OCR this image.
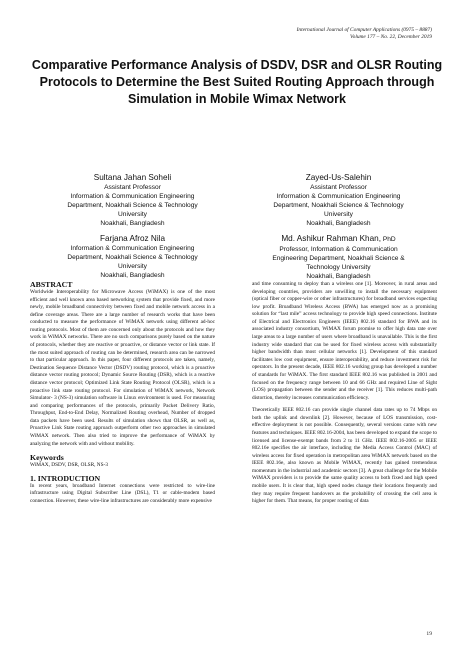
International Journal of Computer Applications (0975 – 8887)
Volume 177 – No. 22, December 2019
Comparative Performance Analysis of DSDV, DSR and OLSR Routing Protocols to Determine the Best Suited Routing Approach through Simulation in Mobile Wimax Network
Sultana Jahan Soheli
Assistant Professor
Information & Communication Engineering
Department, Noakhali Science & Technology
University
Noakhali, Bangladesh
Zayed-Us-Salehin
Assistant Professor
Information & Communication Engineering
Department, Noakhali Science & Technology
University
Noakhali, Bangladesh
Farjana Afroz Nila
Information & Communication Engineering
Department, Noakhali Science & Technology
University
Noakhali, Bangladesh
Md. Ashikur Rahman Khan, PhD
Professor, Information & Communication
Engineering Department, Noakhali Science &
Technology University
Noakhali, Bangladesh
ABSTRACT

Worldwide Interoperability for Microwave Access (WiMAX) is one of the most efficient and well known area based networking system that provide fixed, and more newly, mobile broadband connectivity between fixed and mobile network access in a define coverage areas. There are a large number of research works that have been conducted to measure the performance of WiMAX network using different ad-hoc routing protocols. Most of them are concerned only about the protocols and how they work in WiMAX networks. There are no such comparisons purely based on the nature of protocols, whether they are reactive or proactive, or distance vector or link state. If the most suited approach of routing can be determined, research area can be narrowed to that particular approach. In this paper, four different protocols are taken, namely, Destination Sequence Distance Vector (DSDV) routing protocol, which is a proactive distance vector routing protocol; Dynamic Source Routing (DSR), which is a reactive distance vector protocol; Optimized Link State Routing Protocol (OLSR), which is a proactive link state routing protocol. For simulation of WiMAX network, Network Simulator- 3 (NS-3) simulation software in Linux environment is used. For measuring and comparing performances of the protocols, primarily Packet Delivery Ratio, Throughput, End-to-End Delay, Normalized Routing overhead, Number of dropped data packets have been used. Results of simulation shows that OLSR, as well as, Proactive Link State routing approach outperform other two approaches in simulated WiMAX network. Then also tried to improve the performance of WiMAX by analyzing the network with and without mobility.

Keywords

WiMAX, DSDV, DSR, OLSR, NS-3

1. INTRODUCTION

In recent years, broadband Internet connections were restricted to wire-line infrastructure using Digital Subscriber Line (DSL), T1 or cable-modem based connection. However, these wire-line infrastructures are considerably more expensive

and time consuming to deploy than a wireless one [1]. Moreover, in rural areas and developing countries, providers are unwilling to install the necessary equipment (optical fiber or copper-wire or other infrastructures) for broadband services expecting low profit. Broadband Wireless Access (BWA) has emerged now as a promising solution for “last mile” access technology to provide high speed connections. Institute of Electrical and Electronics Engineers (IEEE) 802.16 standard for BWA and its associated industry consortium, WiMAX forum promise to offer high data rate over large areas to a large number of users where broadband is unavailable. This is the first industry wide standard that can be used for fixed wireless access with substantially higher bandwidth than most cellular networks [1]. Development of this standard facilitates low cost equipment, ensure interoperability, and reduce investment risk for operators. In the present decade, IEEE 802.16 working group has developed a number of standards for WiMAX. The first standard IEEE 802.16 was published in 2001 and focused on the frequency range between 10 and 66 GHz and required Line of Sight (LOS) propagation between the sender and the receiver [1]. This reduces multi-path distortion, thereby increases communication efficiency.

Theoretically IEEE 802.16 can provide single channel data rates up to 74 Mbps on both the uplink and downlink [2]. However, because of LOS transmission, cost-effective deployment is not possible. Consequently, several versions came with new features and techniques. IEEE 802.16-2004, has been developed to expand the scope to licensed and license-exempt bands from 2 to 11 GHz. IEEE 802.16-2005 or IEEE 802.16e specifies the air interface, including the Media Access Control (MAC) of wireless access for fixed operation in metropolitan area WiMAX network based on the IEEE 802.16e, also known as Mobile WiMAX, recently has gained tremendous momentum in the industrial and academic sectors [3]. A great challenge for the Mobile WiMAX providers is to provide the same quality access to both fixed and high speed mobile users. It is clear that, high speed nodes change their locations frequently and they may require frequent handovers as the probability of crossing the cell area is higher for them. That means, for proper routing of data

19
